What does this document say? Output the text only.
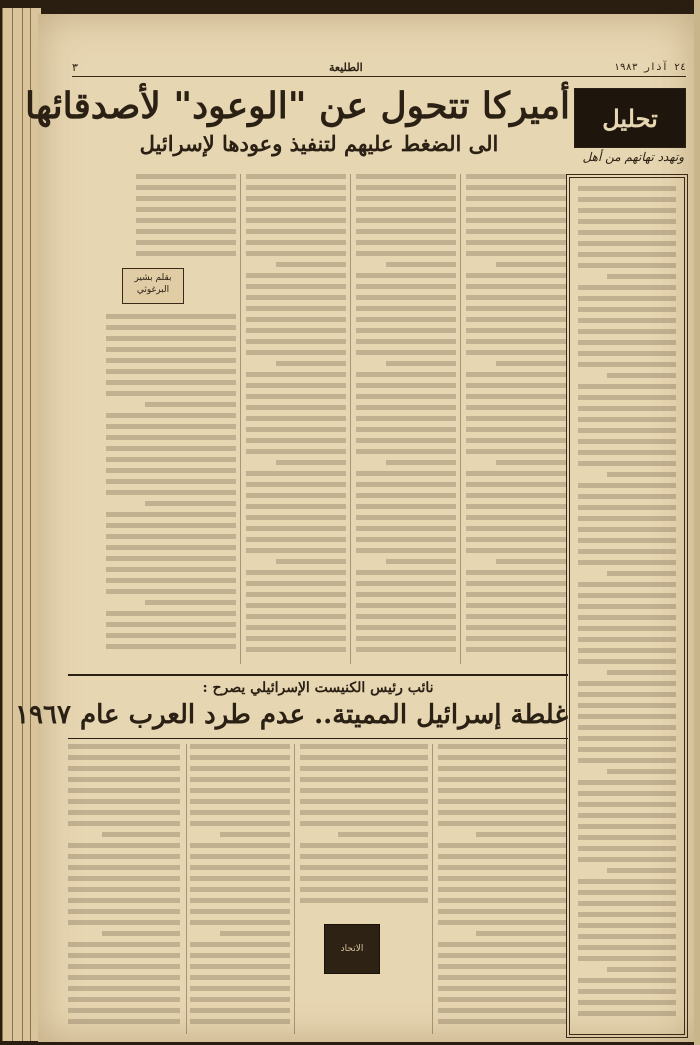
٢٤ آذار ١٩٨٣
الطليعة
٣
تحليل
أميركا تتحول عن "الوعود" لأصدقائها
الى الضغط عليهم لتنفيذ وعودها لإسرائيل
وتهدد تهاتهم من أهل
بقلم بشير البرغوثي
نائب رئيس الكنيست الإسرائيلي يصرح :
غلطة إسرائيل المميتة.. عدم طرد العرب عام ١٩٦٧
الاتحاد
